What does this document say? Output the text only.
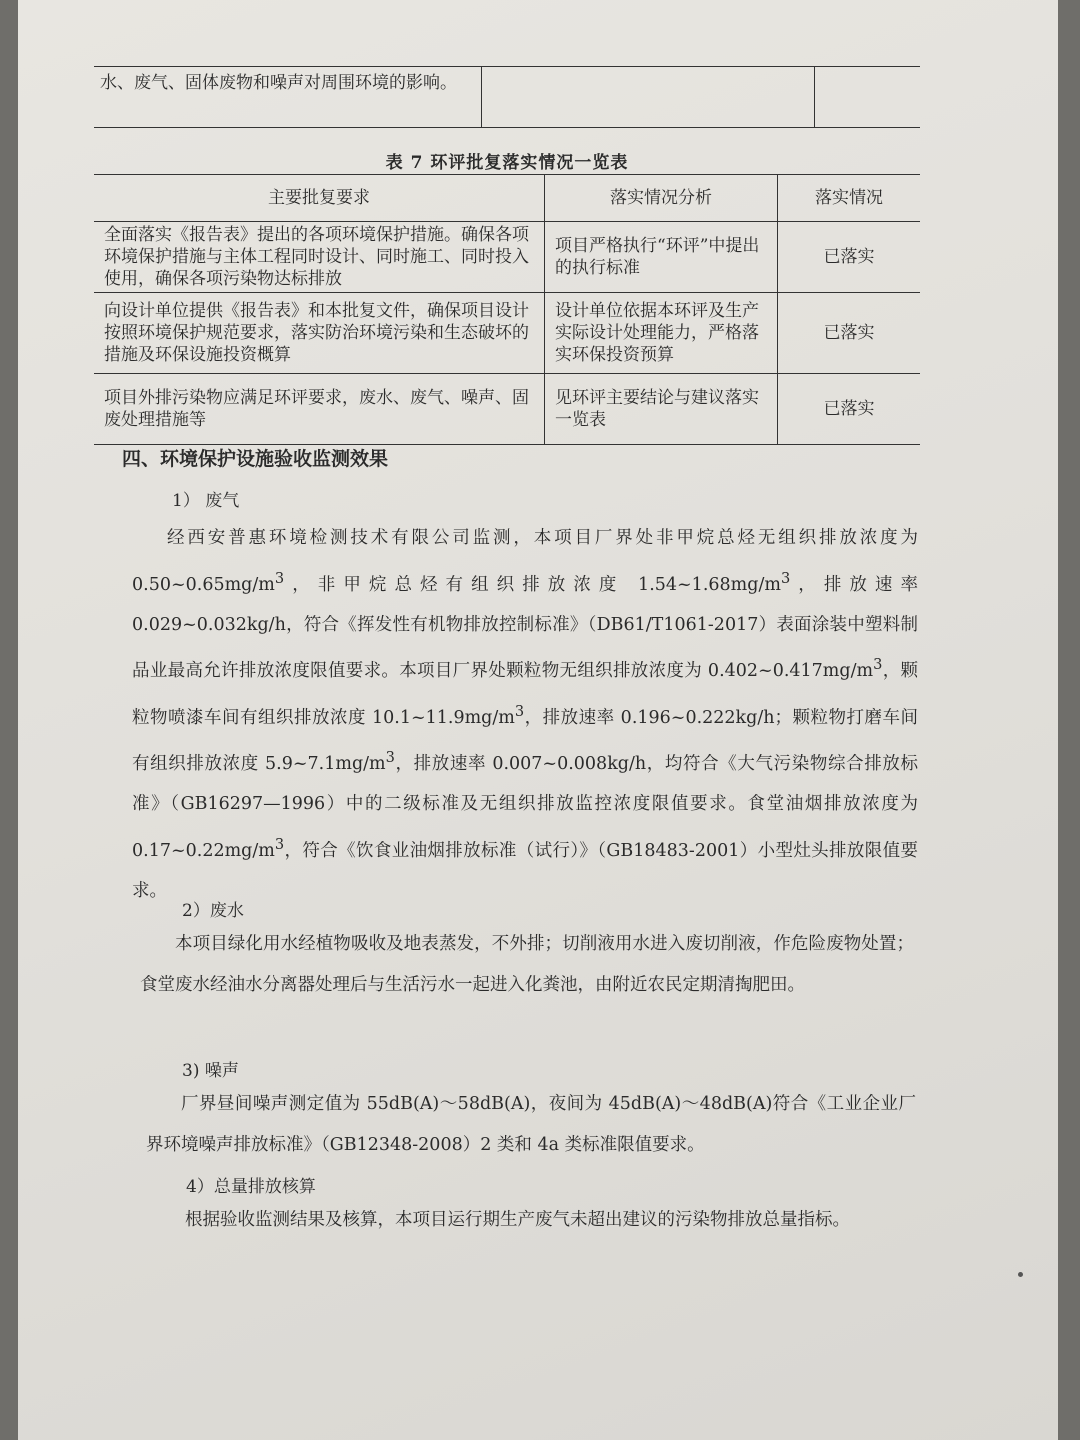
水、废气、固体废物和噪声对周围环境的影响。		
表 7 环评批复落实情况一览表
主要批复要求	落实情况分析	落实情况
全面落实《报告表》提出的各项环境保护措施。确保各项环境保护措施与主体工程同时设计、同时施工、同时投入使用，确保各项污染物达标排放	项目严格执行“环评”中提出的执行标准	已落实
向设计单位提供《报告表》和本批复文件，确保项目设计按照环境保护规范要求，落实防治环境污染和生态破坏的措施及环保设施投资概算	设计单位依据本环评及生产实际设计处理能力，严格落实环保投资预算	已落实
项目外排污染物应满足环评要求，废水、废气、噪声、固废处理措施等	见环评主要结论与建议落实一览表	已落实
四、环境保护设施验收监测效果
1） 废气
经西安普惠环境检测技术有限公司监测，本项目厂界处非甲烷总烃无组织排放浓度为 $0.50\sim 0.65mg/m^3$，非甲烷总烃有组织排放浓度 $1.54\sim 1.68mg/m^3$，排放速率 0.029~0.032kg/h，符合《挥发性有机物排放控制标准》（DB61/T1061-2017）表面涂装中塑料制品业最高允许排放浓度限值要求。本项目厂界处颗粒物无组织排放浓度为 $0.402\sim 0.417mg/m^3$，颗粒物喷漆车间有组织排放浓度 $10.1\sim 11.9mg/m^3$，排放速率 0.196~0.222kg/h；颗粒物打磨车间有组织排放浓度 $5.9\sim 7.1mg/m^3$，排放速率 0.007~0.008kg/h，均符合《大气污染物综合排放标准》（GB16297—1996）中的二级标准及无组织排放监控浓度限值要求。食堂油烟排放浓度为 $0.17\sim 0.22mg/m^3$，符合《饮食业油烟排放标准（试行）》（GB18483-2001）小型灶头排放限值要求。
2）废水
本项目绿化用水经植物吸收及地表蒸发，不外排；切削液用水进入废切削液，作危险废物处置；食堂废水经油水分离器处理后与生活污水一起进入化粪池，由附近农民定期清掏肥田。
3) 噪声
厂界昼间噪声测定值为 55dB(A)～58dB(A)，夜间为 45dB(A)～48dB(A)符合《工业企业厂界环境噪声排放标准》（GB12348-2008）2 类和 4a 类标准限值要求。
4）总量排放核算
根据验收监测结果及核算，本项目运行期生产废气未超出建议的污染物排放总量指标。
